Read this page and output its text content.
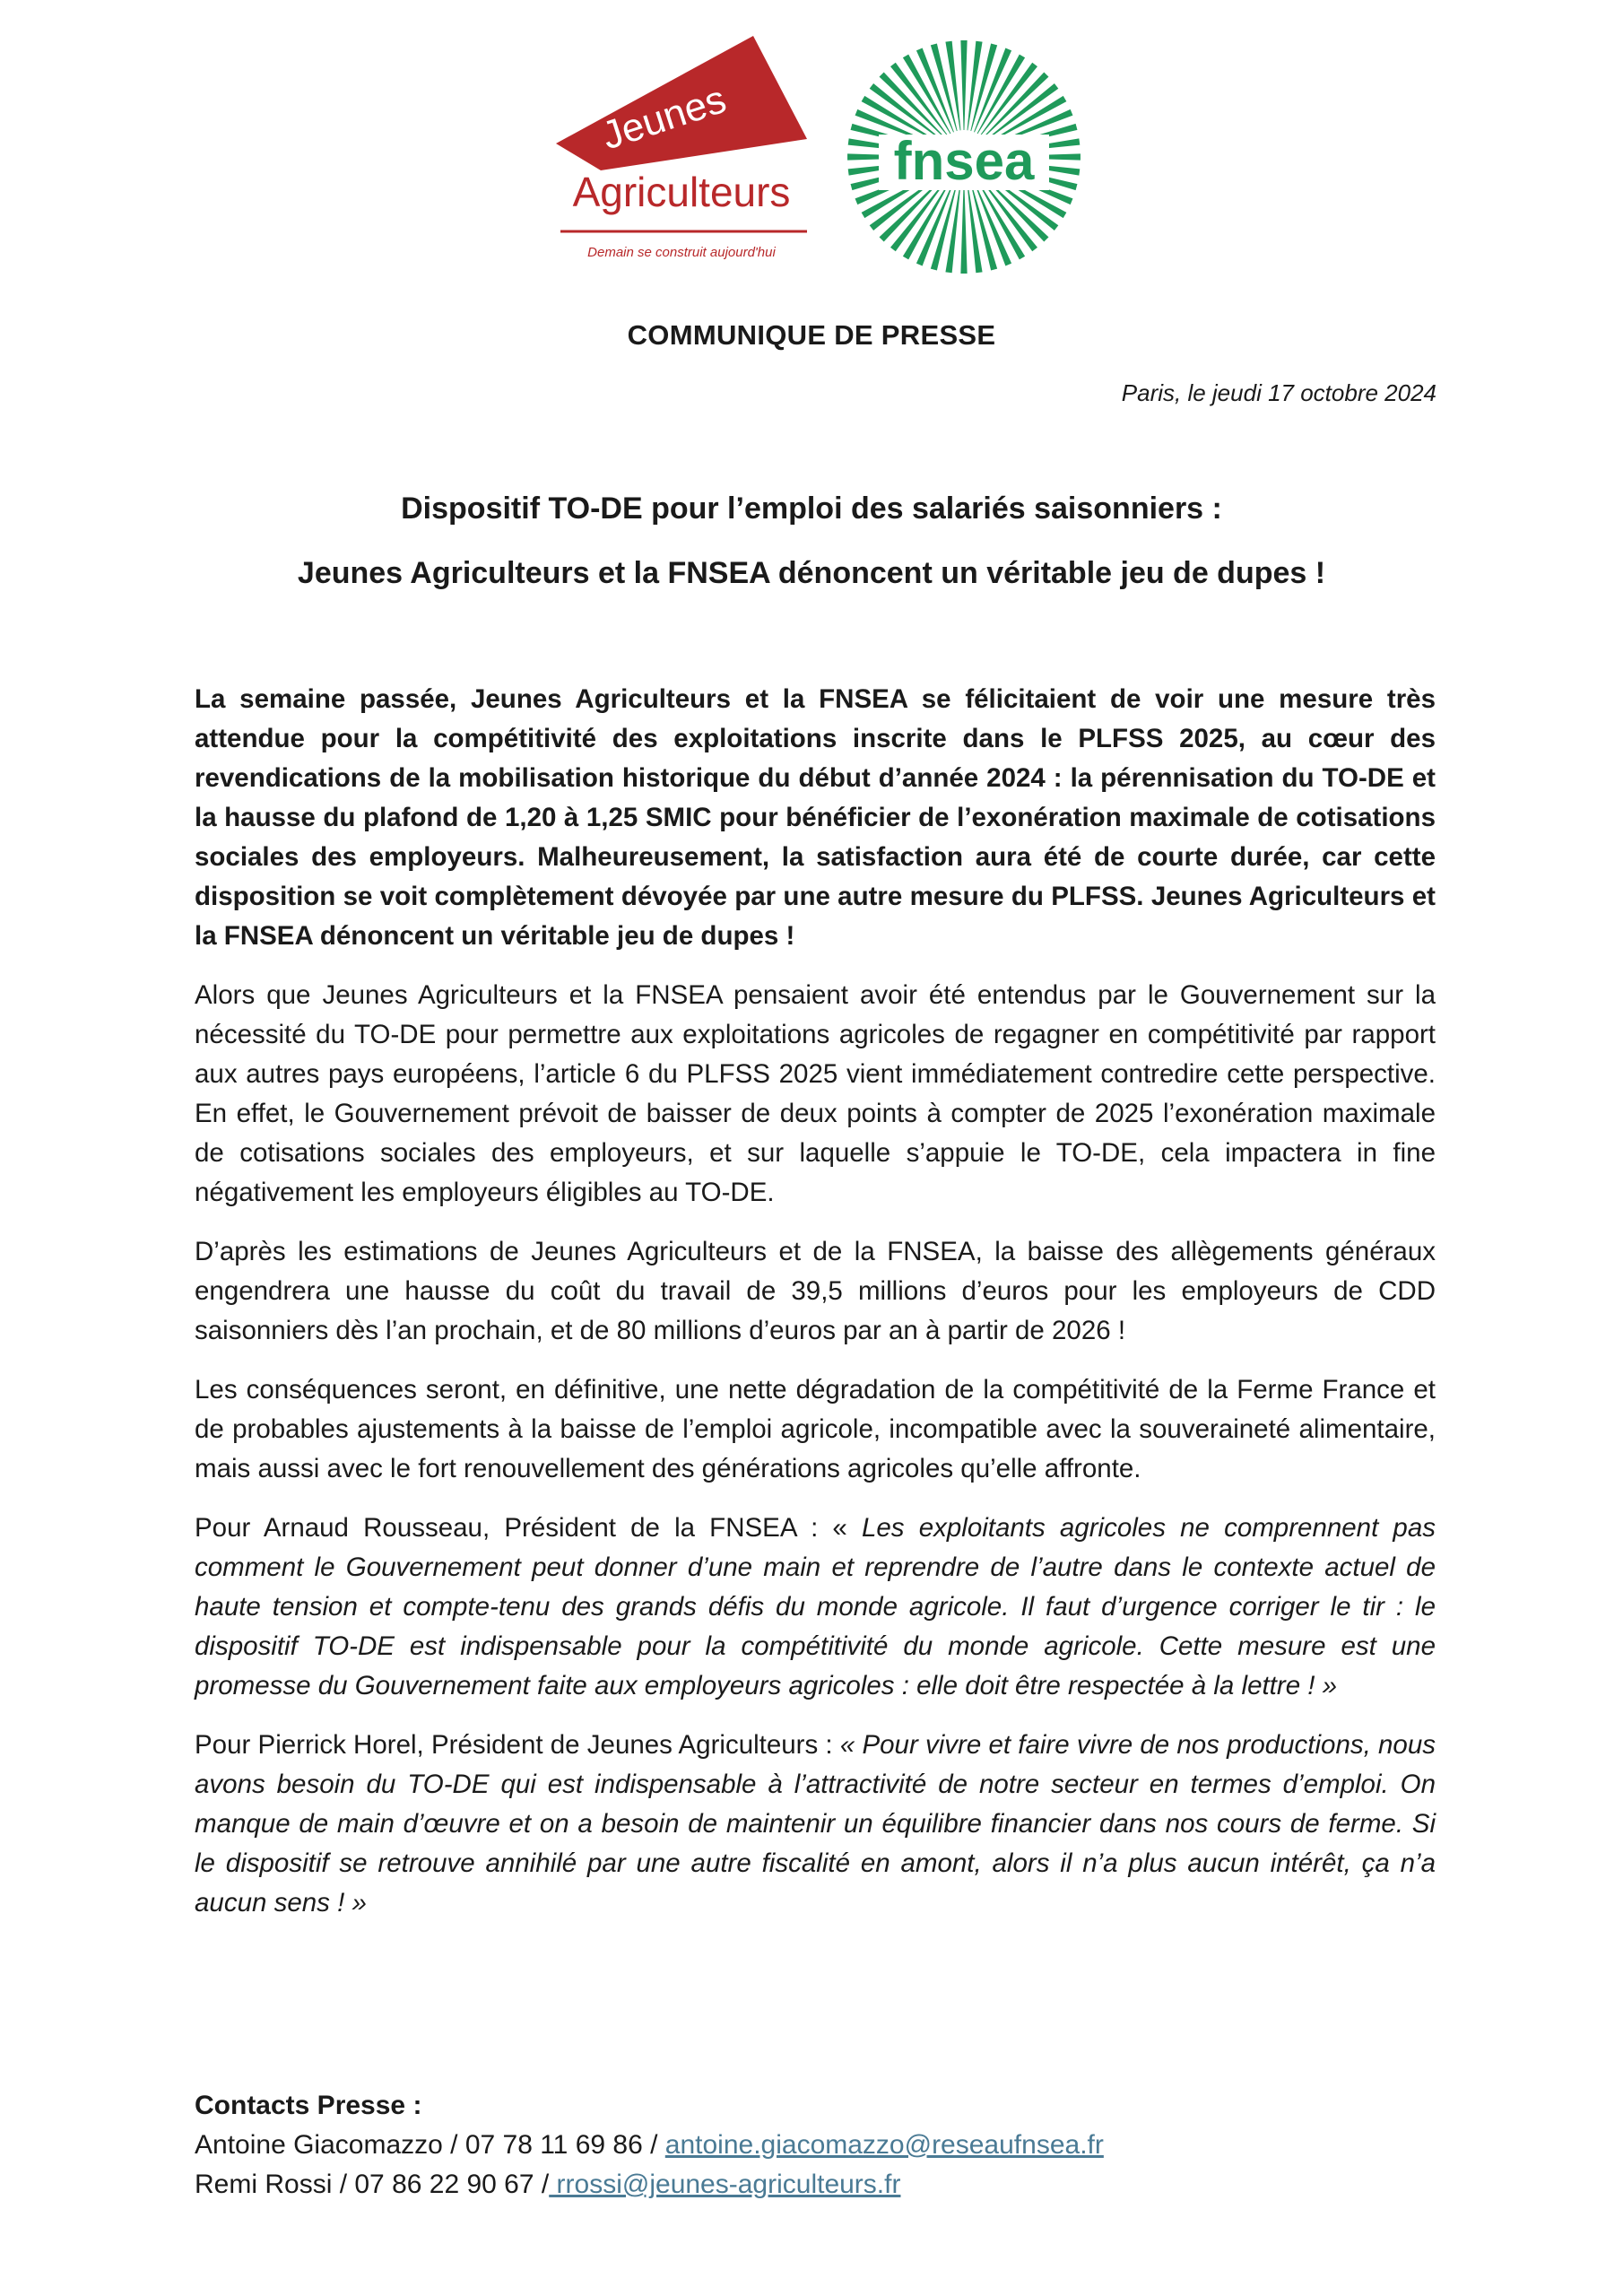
Jeunes
Agriculteurs
Demain se construit aujourd'hui
fnsea
COMMUNIQUE DE PRESSE
Paris, le jeudi 17 octobre 2024
Dispositif TO-DE pour l’emploi des salariés saisonniers :
Jeunes Agriculteurs et la FNSEA dénoncent un véritable jeu de dupes !

La semaine passée, Jeunes Agriculteurs et la FNSEA se félicitaient de voir une mesure très attendue pour la compétitivité des exploitations inscrite dans le PLFSS 2025, au cœur des revendications de la mobilisation historique du début d’année 2024 : la pérennisation du TO-DE et la hausse du plafond de 1,20 à 1,25 SMIC pour bénéficier de l’exonération maximale de cotisations sociales des employeurs. Malheureusement, la satisfaction aura été de courte durée, car cette disposition se voit complètement dévoyée par une autre mesure du PLFSS. Jeunes Agriculteurs et la FNSEA dénoncent un véritable jeu de dupes !

Alors que Jeunes Agriculteurs et la FNSEA pensaient avoir été entendus par le Gouvernement sur la nécessité du TO-DE pour permettre aux exploitations agricoles de regagner en compétitivité par rapport aux autres pays européens, l’article 6 du PLFSS 2025 vient immédiatement contredire cette perspective. En effet, le Gouvernement prévoit de baisser de deux points à compter de 2025 l’exonération maximale de cotisations sociales des employeurs, et sur laquelle s’appuie le TO-DE, cela impactera in fine négativement les employeurs éligibles au TO-DE.

D’après les estimations de Jeunes Agriculteurs et de la FNSEA, la baisse des allègements généraux engendrera une hausse du coût du travail de 39,5 millions d’euros pour les employeurs de CDD saisonniers dès l’an prochain, et de 80 millions d’euros par an à partir de 2026 !

Les conséquences seront, en définitive, une nette dégradation de la compétitivité de la Ferme France et de probables ajustements à la baisse de l’emploi agricole, incompatible avec la souveraineté alimentaire, mais aussi avec le fort renouvellement des générations agricoles qu’elle affronte.

Pour Arnaud Rousseau, Président de la FNSEA : « Les exploitants agricoles ne comprennent pas comment le Gouvernement peut donner d’une main et reprendre de l’autre dans le contexte actuel de haute tension et compte-tenu des grands défis du monde agricole. Il faut d’urgence corriger le tir : le dispositif TO-DE est indispensable pour la compétitivité du monde agricole. Cette mesure est une promesse du Gouvernement faite aux employeurs agricoles : elle doit être respectée à la lettre ! »

Pour Pierrick Horel, Président de Jeunes Agriculteurs : « Pour vivre et faire vivre de nos productions, nous avons besoin du TO-DE qui est indispensable à l’attractivité de notre secteur en termes d’emploi. On manque de main d’œuvre et on a besoin de maintenir un équilibre financier dans nos cours de ferme. Si le dispositif se retrouve annihilé par une autre fiscalité en amont, alors il n’a plus aucun intérêt, ça n’a aucun sens ! »

Contacts Presse :
Antoine Giacomazzo / 07 78 11 69 86 / antoine.giacomazzo@reseaufnsea.fr
Remi Rossi / 07 86 22 90 67 / rrossi@jeunes-agriculteurs.fr
